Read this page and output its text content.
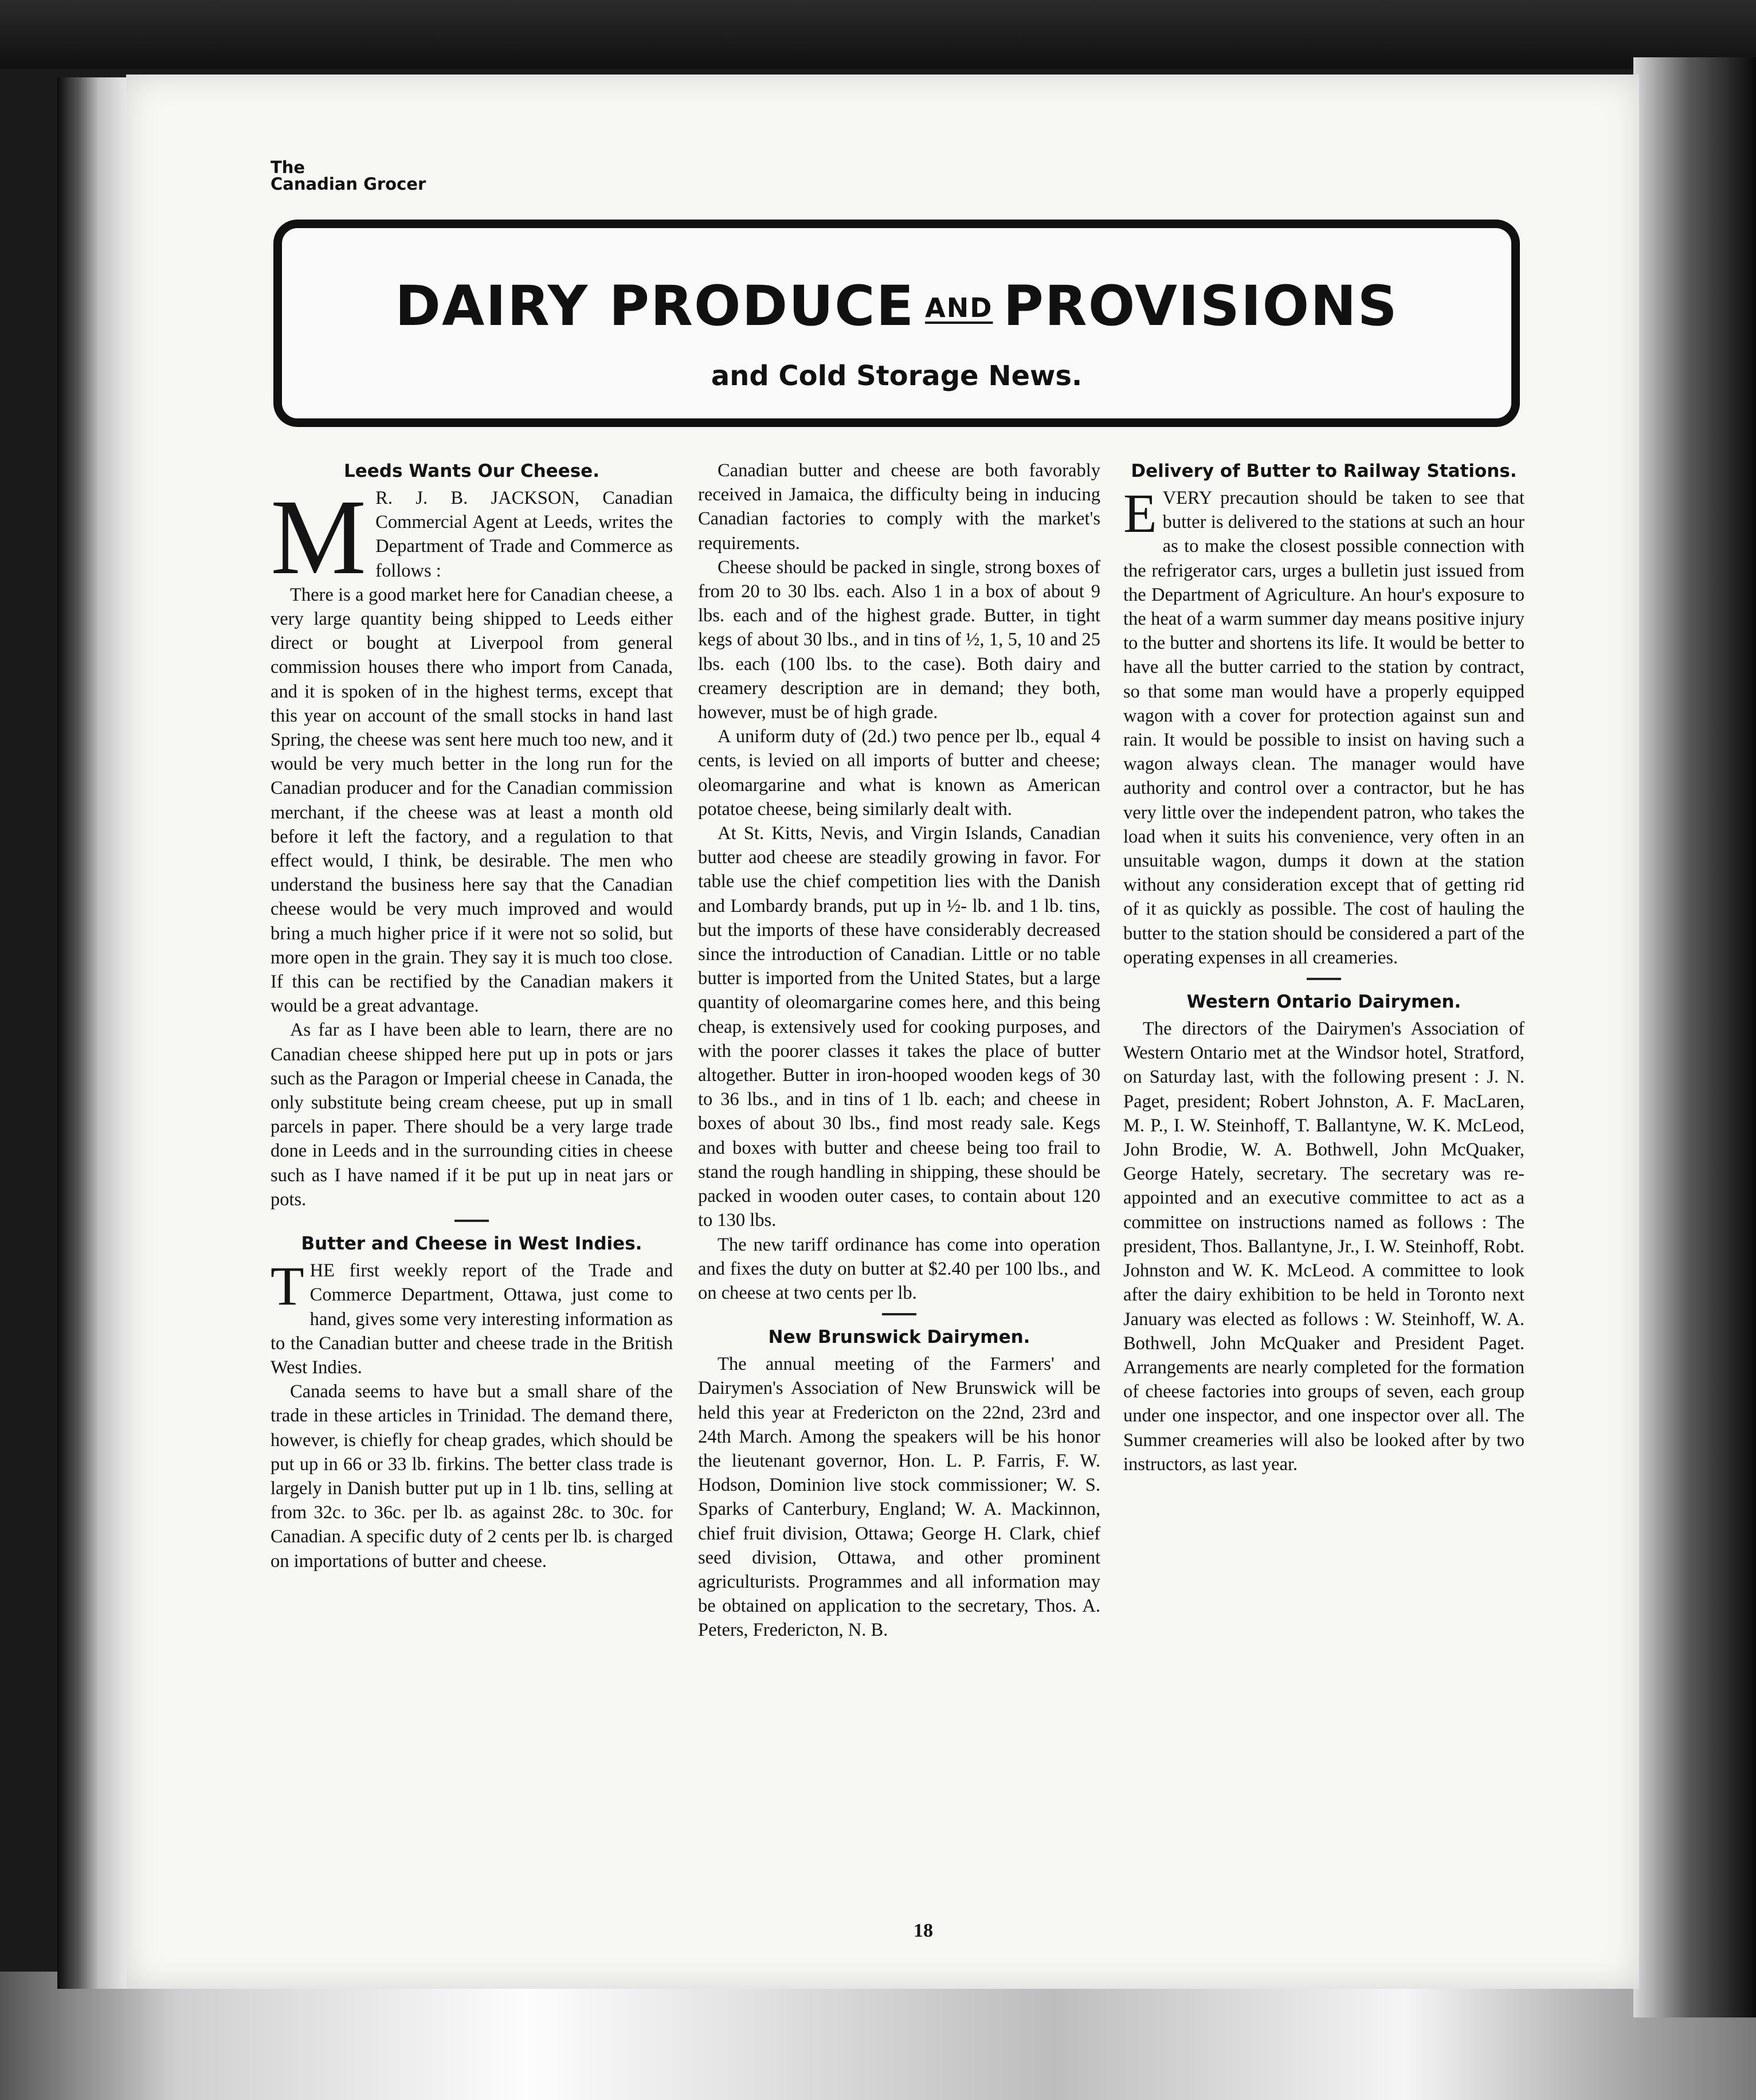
The
Canadian Grocer
DAIRY PRODUCE AND PROVISIONS
and Cold Storage News.
Leeds Wants Our Cheese.

M R. J. B. JACKSON, Canadian Commercial Agent at Leeds, writes the Department of Trade and Commerce as follows :

There is a good market here for Canadian cheese, a very large quantity being shipped to Leeds either direct or bought at Liverpool from general commission houses there who import from Canada, and it is spoken of in the highest terms, except that this year on account of the small stocks in hand last Spring, the cheese was sent here much too new, and it would be very much better in the long run for the Canadian producer and for the Canadian commission merchant, if the cheese was at least a month old before it left the factory, and a regulation to that effect would, I think, be desirable. The men who understand the business here say that the Canadian cheese would be very much improved and would bring a much higher price if it were not so solid, but more open in the grain. They say it is much too close. If this can be rectified by the Canadian makers it would be a great advantage.

As far as I have been able to learn, there are no Canadian cheese shipped here put up in pots or jars such as the Paragon or Imperial cheese in Canada, the only substitute being cream cheese, put up in small parcels in paper. There should be a very large trade done in Leeds and in the surrounding cities in cheese such as I have named if it be put up in neat jars or pots.

Butter and Cheese in West Indies.

THE first weekly report of the Trade and Commerce Department, Ottawa, just come to hand, gives some very interesting information as to the Canadian butter and cheese trade in the British West Indies.

Canada seems to have but a small share of the trade in these articles in Trinidad. The demand there, however, is chiefly for cheap grades, which should be put up in 66 or 33 lb. firkins. The better class trade is largely in Danish butter put up in 1 lb. tins, selling at from 32c. to 36c. per lb. as against 28c. to 30c. for Canadian. A specific duty of 2 cents per lb. is charged on importations of butter and cheese.

Canadian butter and cheese are both favorably received in Jamaica, the difficulty being in inducing Canadian factories to comply with the market's requirements.

Cheese should be packed in single, strong boxes of from 20 to 30 lbs. each. Also 1 in a box of about 9 lbs. each and of the highest grade. Butter, in tight kegs of about 30 lbs., and in tins of ½, 1, 5, 10 and 25 lbs. each (100 lbs. to the case). Both dairy and creamery description are in demand; they both, however, must be of high grade.

A uniform duty of (2d.) two pence per lb., equal 4 cents, is levied on all imports of butter and cheese; oleomargarine and what is known as American potatoe cheese, being similarly dealt with.

At St. Kitts, Nevis, and Virgin Islands, Canadian butter aod cheese are steadily growing in favor. For table use the chief competition lies with the Danish and Lombardy brands, put up in ½- lb. and 1 lb. tins, but the imports of these have considerably decreased since the introduction of Canadian. Little or no table butter is imported from the United States, but a large quantity of oleomargarine comes here, and this being cheap, is extensively used for cooking purposes, and with the poorer classes it takes the place of butter altogether. Butter in iron-hooped wooden kegs of 30 to 36 lbs., and in tins of 1 lb. each; and cheese in boxes of about 30 lbs., find most ready sale. Kegs and boxes with butter and cheese being too frail to stand the rough handling in shipping, these should be packed in wooden outer cases, to contain about 120 to 130 lbs.

The new tariff ordinance has come into operation and fixes the duty on butter at $2.40 per 100 lbs., and on cheese at two cents per lb.

New Brunswick Dairymen.

The annual meeting of the Farmers' and Dairymen's Association of New Brunswick will be held this year at Fredericton on the 22nd, 23rd and 24th March. Among the speakers will be his honor the lieutenant governor, Hon. L. P. Farris, F. W. Hodson, Dominion live stock commissioner; W. S. Sparks of Canterbury, England; W. A. Mackinnon, chief fruit division, Ottawa; George H. Clark, chief seed division, Ottawa, and other prominent agriculturists. Programmes and all information may be obtained on application to the secretary, Thos. A. Peters, Fredericton, N. B.

Delivery of Butter to Railway Stations.

EVERY precaution should be taken to see that butter is delivered to the stations at such an hour as to make the closest possible connection with the refrigerator cars, urges a bulletin just issued from the Department of Agriculture. An hour's exposure to the heat of a warm summer day means positive injury to the butter and shortens its life. It would be better to have all the butter carried to the station by contract, so that some man would have a properly equipped wagon with a cover for protection against sun and rain. It would be possible to insist on having such a wagon always clean. The manager would have authority and control over a contractor, but he has very little over the independent patron, who takes the load when it suits his convenience, very often in an unsuitable wagon, dumps it down at the station without any consideration except that of getting rid of it as quickly as possible. The cost of hauling the butter to the station should be considered a part of the operating expenses in all creameries.

Western Ontario Dairymen.

The directors of the Dairymen's Association of Western Ontario met at the Windsor hotel, Stratford, on Saturday last, with the following present : J. N. Paget, president; Robert Johnston, A. F. MacLaren, M. P., I. W. Steinhoff, T. Ballantyne, W. K. McLeod, John Brodie, W. A. Bothwell, John McQuaker, George Hately, secretary. The secretary was re-appointed and an executive committee to act as a committee on instructions named as follows : The president, Thos. Ballantyne, Jr., I. W. Steinhoff, Robt. Johnston and W. K. McLeod. A committee to look after the dairy exhibition to be held in Toronto next January was elected as follows : W. Steinhoff, W. A. Bothwell, John McQuaker and President Paget. Arrangements are nearly completed for the formation of cheese factories into groups of seven, each group under one inspector, and one inspector over all. The Summer creameries will also be looked after by two instructors, as last year.

18
